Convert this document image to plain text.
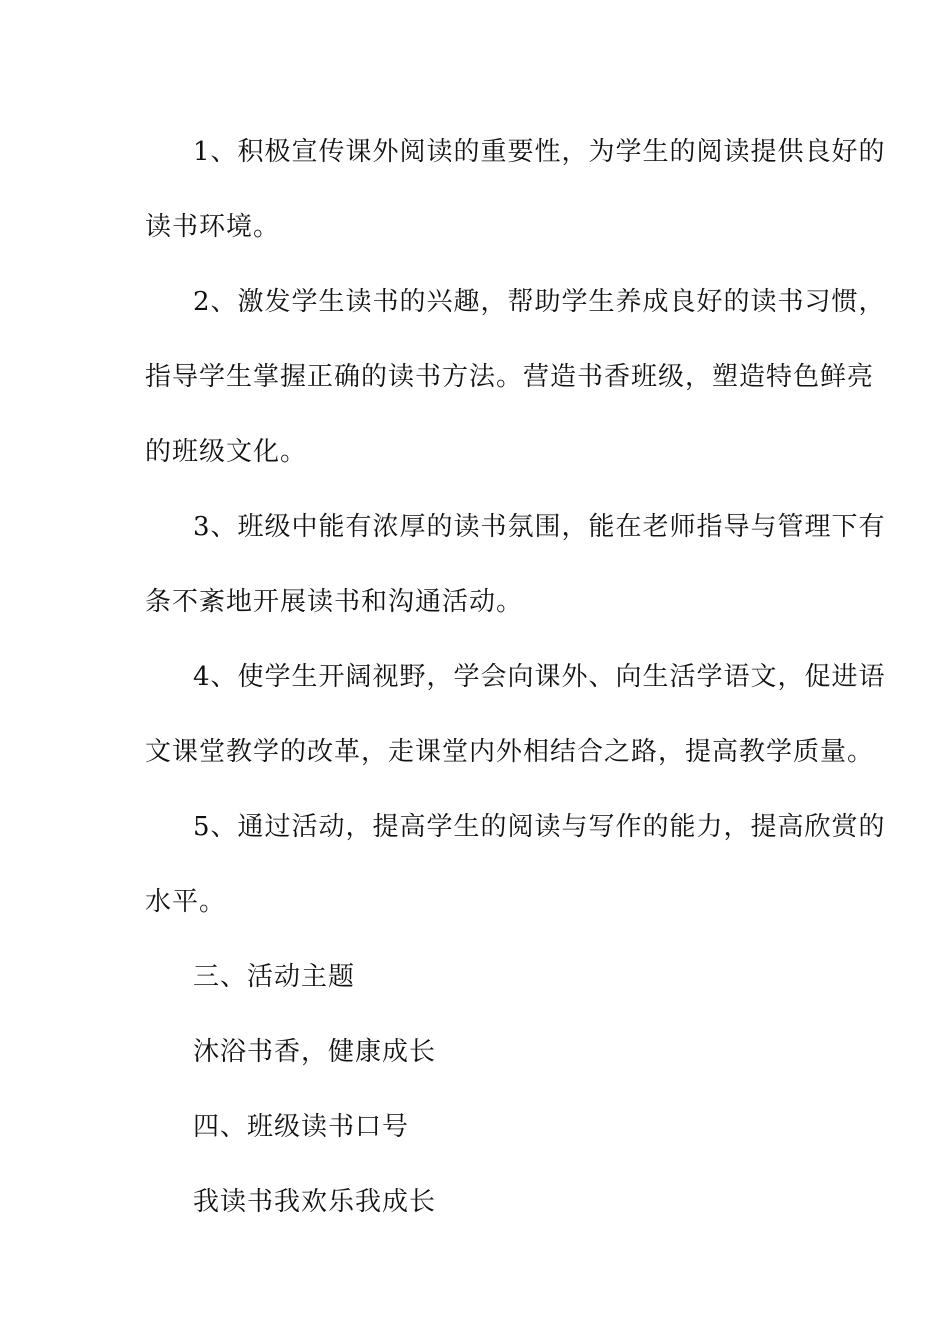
1、积极宣传课外阅读的重要性，为学生的阅读提供良好的
读书环境。
2、激发学生读书的兴趣，帮助学生养成良好的读书习惯，
指导学生掌握正确的读书方法。营造书香班级，塑造特色鲜亮
的班级文化。
3、班级中能有浓厚的读书氛围，能在老师指导与管理下有
条不紊地开展读书和沟通活动。
4、使学生开阔视野，学会向课外、向生活学语文，促进语
文课堂教学的改革，走课堂内外相结合之路，提高教学质量。
5、通过活动，提高学生的阅读与写作的能力，提高欣赏的
水平。
三、活动主题
沐浴书香，健康成长
四、班级读书口号
我读书我欢乐我成长
